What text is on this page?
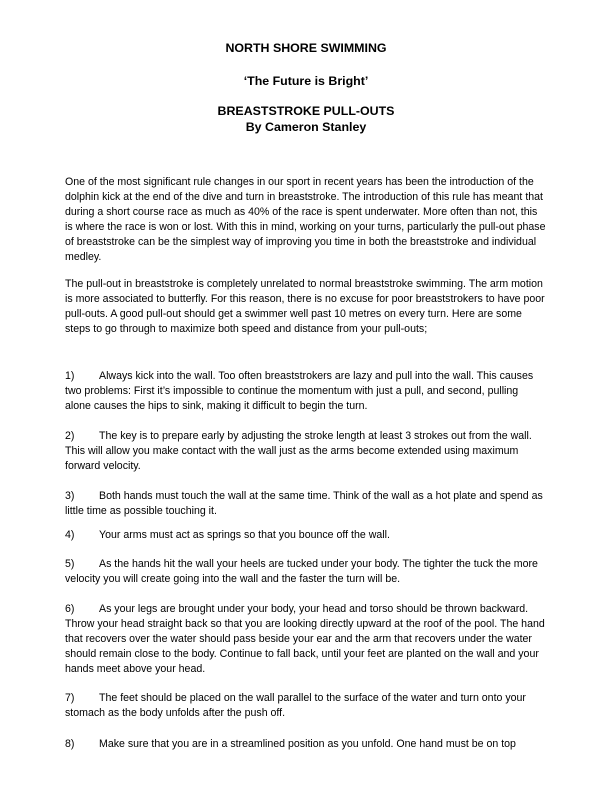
NORTH SHORE SWIMMING
‘The Future is Bright’
BREASTSTROKE PULL-OUTS
By Cameron Stanley

One of the most significant rule changes in our sport in recent years has been the introduction of the dolphin kick at the end of the dive and turn in breaststroke. The introduction of this rule has meant that during a short course race as much as 40% of the race is spent underwater. More often than not, this is where the race is won or lost. With this in mind, working on your turns, particularly the pull-out phase of breaststroke can be the simplest way of improving you time in both the breaststroke and individual medley.

The pull-out in breaststroke is completely unrelated to normal breaststroke swimming. The arm motion is more associated to butterfly. For this reason, there is no excuse for poor breaststrokers to have poor pull-outs. A good pull-out should get a swimmer well past 10 metres on every turn. Here are some steps to go through to maximize both speed and distance from your pull-outs;

1) Always kick into the wall. Too often breaststrokers are lazy and pull into the wall. This causes two problems: First it’s impossible to continue the momentum with just a pull, and second, pulling alone causes the hips to sink, making it difficult to begin the turn.

2) The key is to prepare early by adjusting the stroke length at least 3 strokes out from the wall. This will allow you make contact with the wall just as the arms become extended using maximum forward velocity.

3) Both hands must touch the wall at the same time. Think of the wall as a hot plate and spend as little time as possible touching it.

4) Your arms must act as springs so that you bounce off the wall.

5) As the hands hit the wall your heels are tucked under your body. The tighter the tuck the more velocity you will create going into the wall and the faster the turn will be.

6) As your legs are brought under your body, your head and torso should be thrown backward. Throw your head straight back so that you are looking directly upward at the roof of the pool. The hand that recovers over the water should pass beside your ear and the arm that recovers under the water should remain close to the body. Continue to fall back, until your feet are planted on the wall and your hands meet above your head.

7) The feet should be placed on the wall parallel to the surface of the water and turn onto your stomach as the body unfolds after the push off.

8) Make sure that you are in a streamlined position as you unfold. One hand must be on top
